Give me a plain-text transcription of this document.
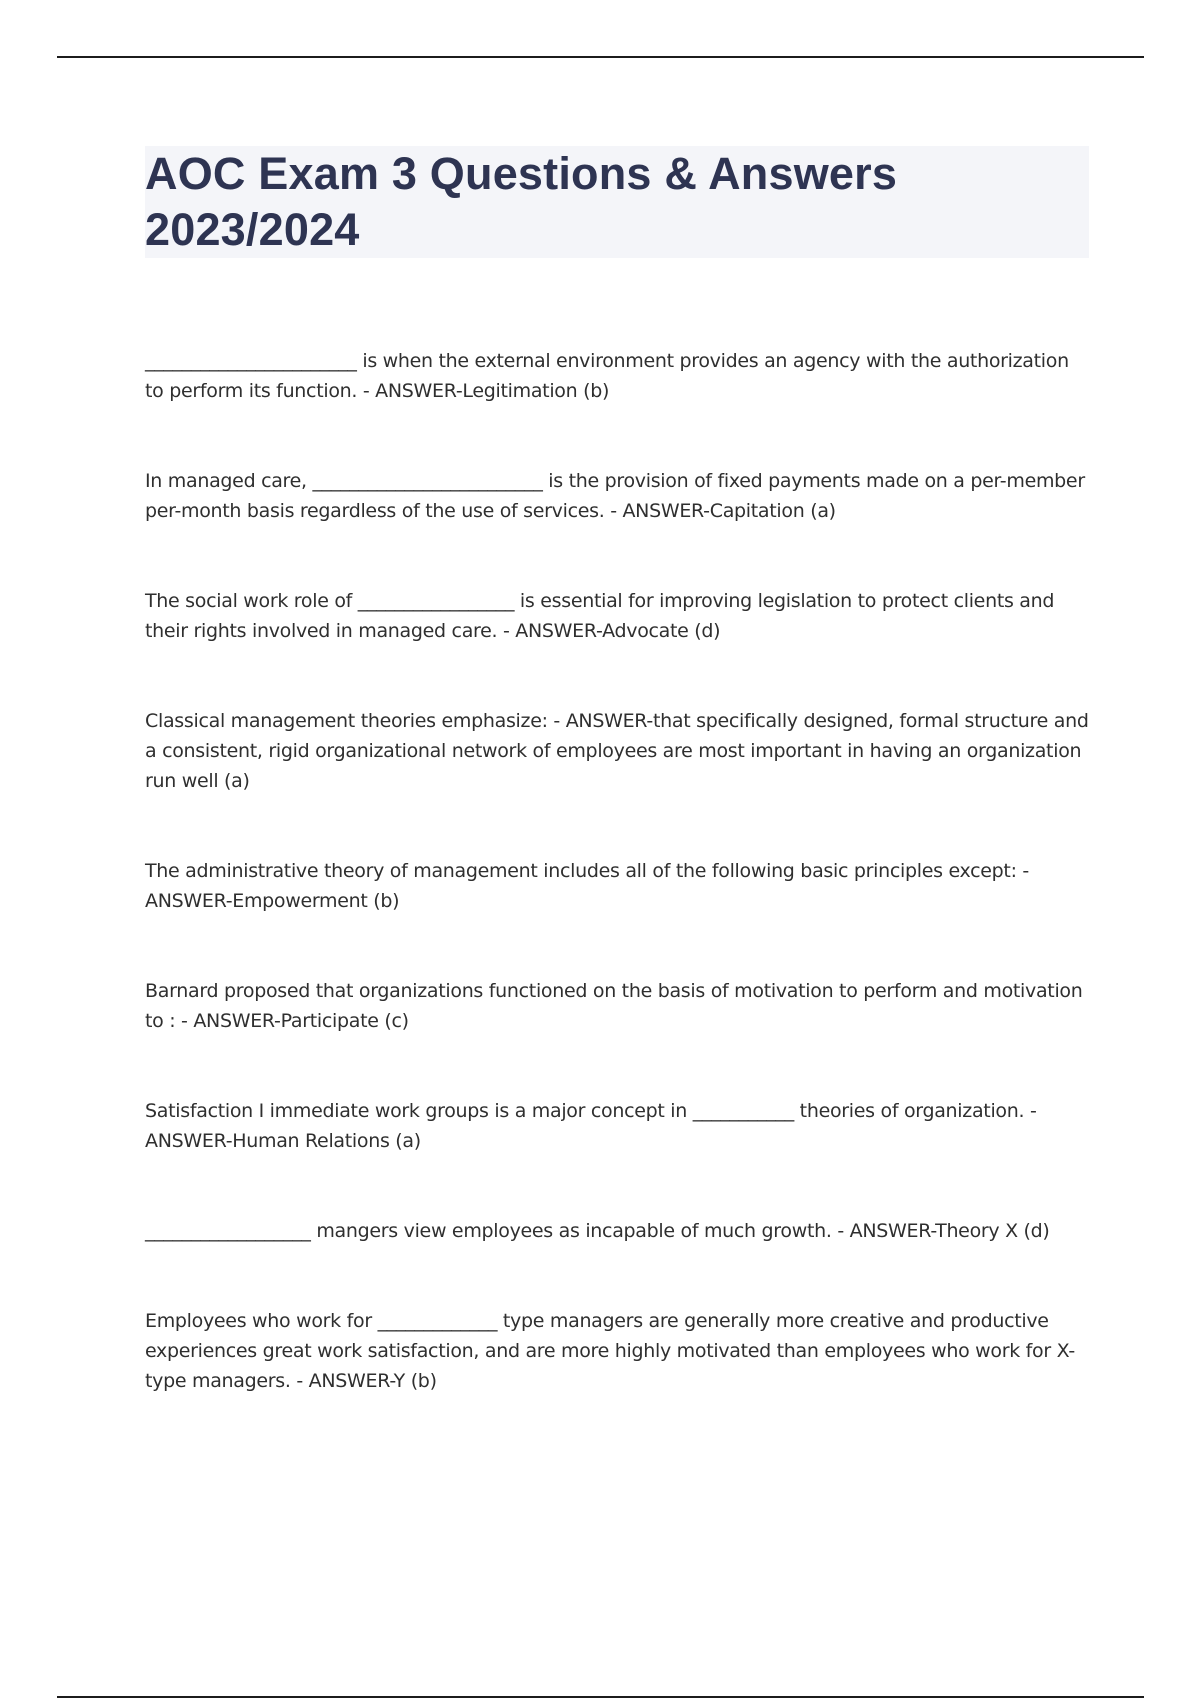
AOC Exam 3 Questions & Answers 2023/2024

_______________________ is when the external environment provides an agency with the authorization to perform its function. - ANSWER-Legitimation (b)

In managed care, _________________________ is the provision of fixed payments made on a per-member per-month basis regardless of the use of services. - ANSWER-Capitation (a)

The social work role of _________________ is essential for improving legislation to protect clients and their rights involved in managed care. - ANSWER-Advocate (d)

Classical management theories emphasize: - ANSWER-that specifically designed, formal structure and a consistent, rigid organizational network of employees are most important in having an organization run well (a)

The administrative theory of management includes all of the following basic principles except: - ANSWER-Empowerment (b)

Barnard proposed that organizations functioned on the basis of motivation to perform and motivation to : - ANSWER-Participate (c)

Satisfaction I immediate work groups is a major concept in ___________ theories of organization. - ANSWER-Human Relations (a)

__________________ mangers view employees as incapable of much growth. - ANSWER-Theory X (d)

Employees who work for _____________ type managers are generally more creative and productive experiences great work satisfaction, and are more highly motivated than employees who work for X-type managers. - ANSWER-Y (b)
